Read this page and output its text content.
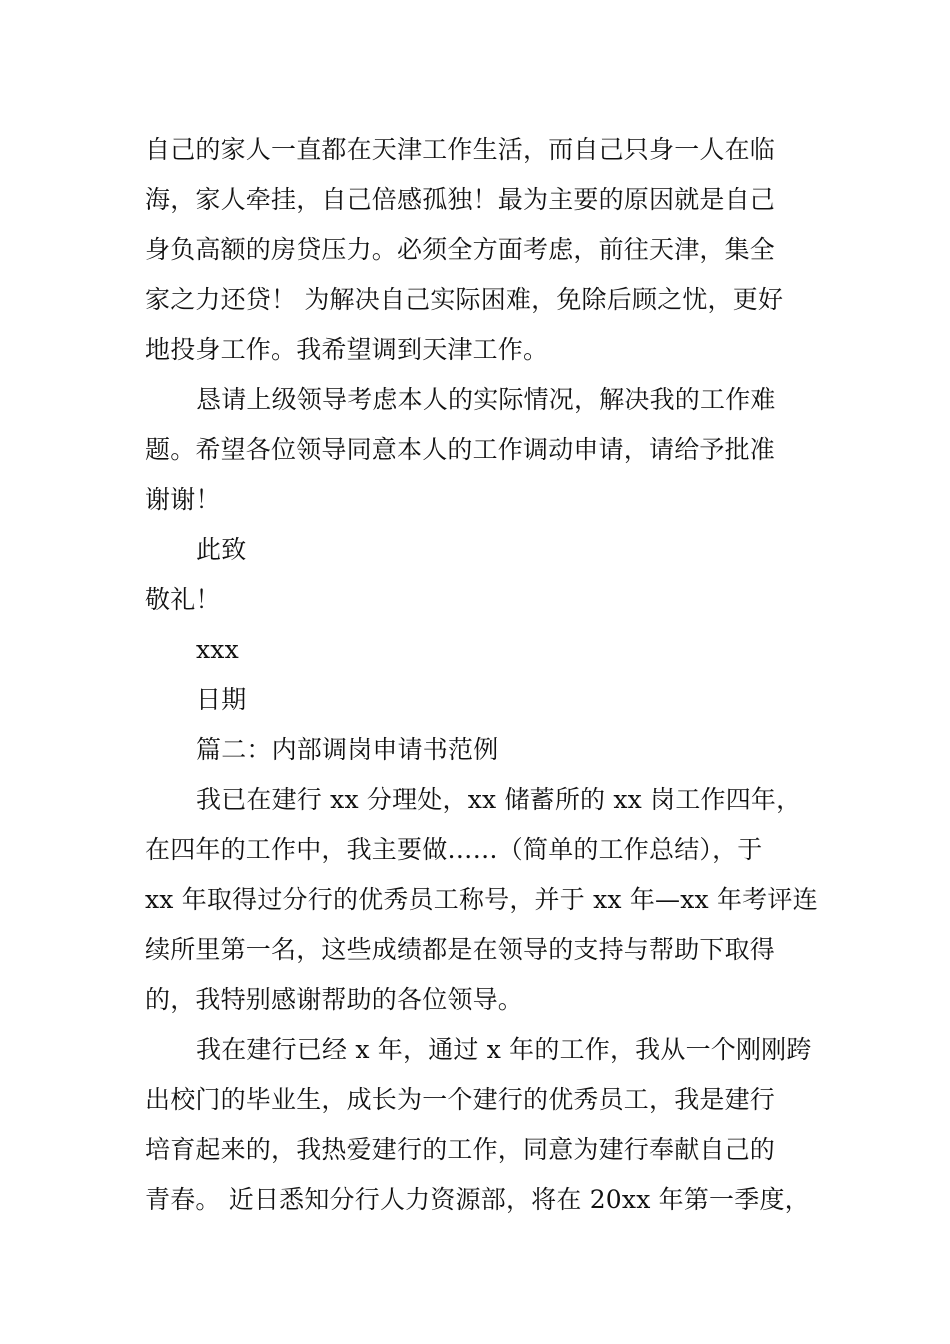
自己的家人一直都在天津工作生活，而自己只身一人在临
海，家人牵挂，自己倍感孤独！最为主要的原因就是自己
身负高额的房贷压力。必须全方面考虑，前往天津，集全
家之力还贷！ 为解决自己实际困难，免除后顾之忧，更好
地投身工作。我希望调到天津工作。
恳请上级领导考虑本人的实际情况，解决我的工作难
题。希望各位领导同意本人的工作调动申请，请给予批准
谢谢！
此致
敬礼！
xxx
日期
篇二：内部调岗申请书范例
我已在建行 xx 分理处，xx 储蓄所的 xx 岗工作四年，
在四年的工作中，我主要做……（简单的工作总结），于
xx 年取得过分行的优秀员工称号，并于 xx 年—xx 年考评连
续所里第一名，这些成绩都是在领导的支持与帮助下取得
的，我特别感谢帮助的各位领导。
我在建行已经 x 年，通过 x 年的工作，我从一个刚刚跨
出校门的毕业生，成长为一个建行的优秀员工，我是建行
培育起来的，我热爱建行的工作，同意为建行奉献自己的
青春。 近日悉知分行人力资源部，将在 20xx 年第一季度，
